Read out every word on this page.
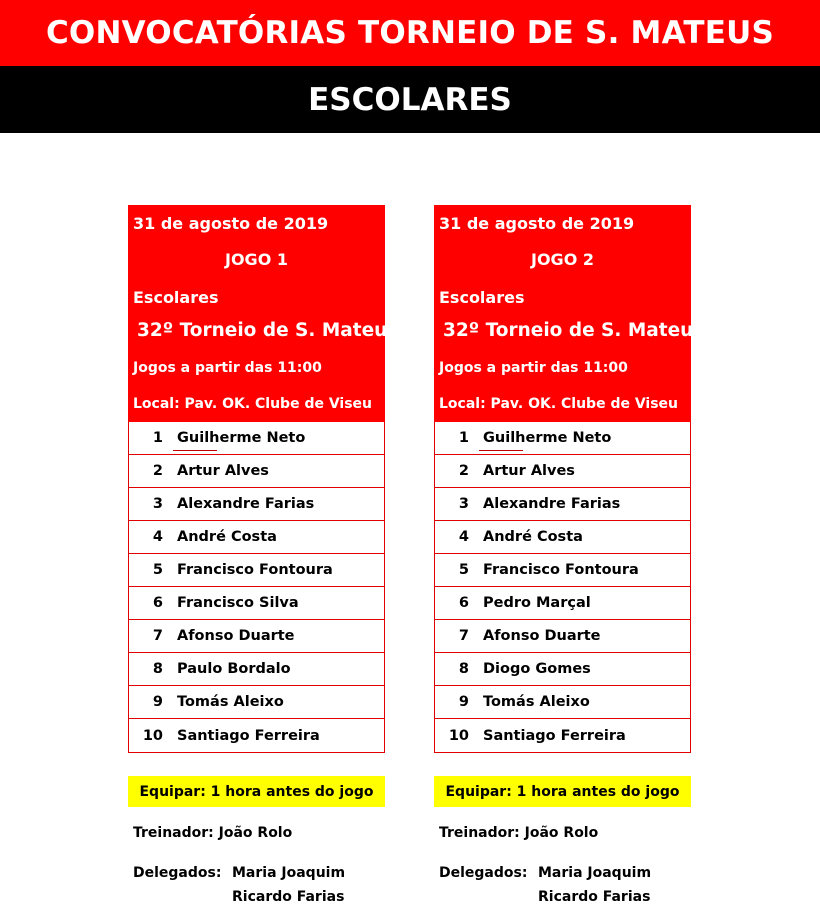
CONVOCATÓRIAS TORNEIO DE S. MATEUS
ESCOLARES
31 de agosto de 2019
JOGO 1
Escolares
32º Torneio de S. Mateus
Jogos a partir das 11:00
Local: Pav. OK. Clube de Viseu
1 Guilherme Neto
2 Artur Alves
3 Alexandre Farias
4 André Costa
5 Francisco Fontoura
6 Francisco Silva
7 Afonso Duarte
8 Paulo Bordalo
9 Tomás Aleixo
10 Santiago Ferreira
Equipar: 1 hora antes do jogo
Treinador: João Rolo
Delegados: Maria Joaquim
Ricardo Farias
31 de agosto de 2019
JOGO 2
Escolares
32º Torneio de S. Mateus
Jogos a partir das 11:00
Local: Pav. OK. Clube de Viseu
1 Guilherme Neto
2 Artur Alves
3 Alexandre Farias
4 André Costa
5 Francisco Fontoura
6 Pedro Marçal
7 Afonso Duarte
8 Diogo Gomes
9 Tomás Aleixo
10 Santiago Ferreira
Equipar: 1 hora antes do jogo
Treinador: João Rolo
Delegados: Maria Joaquim
Ricardo Farias
